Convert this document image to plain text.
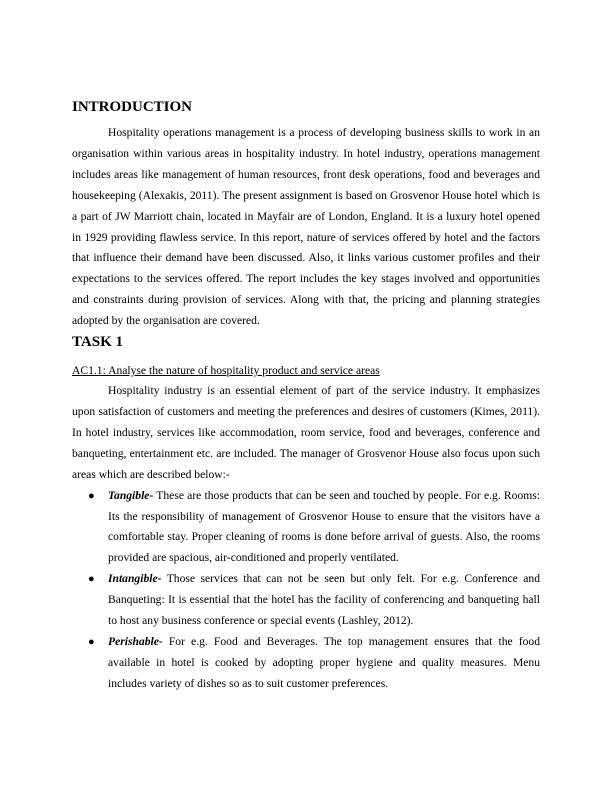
INTRODUCTION

Hospitality operations management is a process of developing business skills to work in an organisation within various areas in hospitality industry. In hotel industry, operations management includes areas like management of human resources, front desk operations, food and beverages and housekeeping (Alexakis, 2011). The present assignment is based on Grosvenor House hotel which is a part of JW Marriott chain, located in Mayfair are of London, England. It is a luxury hotel opened in 1929 providing flawless service. In this report, nature of services offered by hotel and the factors that influence their demand have been discussed. Also, it links various customer profiles and their expectations to the services offered. The report includes the key stages involved and opportunities and constraints during provision of services. Along with that, the pricing and planning strategies adopted by the organisation are covered.

TASK 1

AC1.1: Analyse the nature of hospitality product and service areas

Hospitality industry is an essential element of part of the service industry. It emphasizes upon satisfaction of customers and meeting the preferences and desires of customers (Kimes, 2011). In hotel industry, services like accommodation, room service, food and beverages, conference and banqueting, entertainment etc. are included. The manager of Grosvenor House also focus upon such areas which are described below:-

● Tangible- These are those products that can be seen and touched by people. For e.g. Rooms: Its the responsibility of management of Grosvenor House to ensure that the visitors have a comfortable stay. Proper cleaning of rooms is done before arrival of guests. Also, the rooms provided are spacious, air-conditioned and properly ventilated.
● Intangible- Those services that can not be seen but only felt. For e.g. Conference and Banqueting: It is essential that the hotel has the facility of conferencing and banqueting hall to host any business conference or special events (Lashley, 2012).
● Perishable- For e.g. Food and Beverages. The top management ensures that the food available in hotel is cooked by adopting proper hygiene and quality measures. Menu includes variety of dishes so as to suit customer preferences.
